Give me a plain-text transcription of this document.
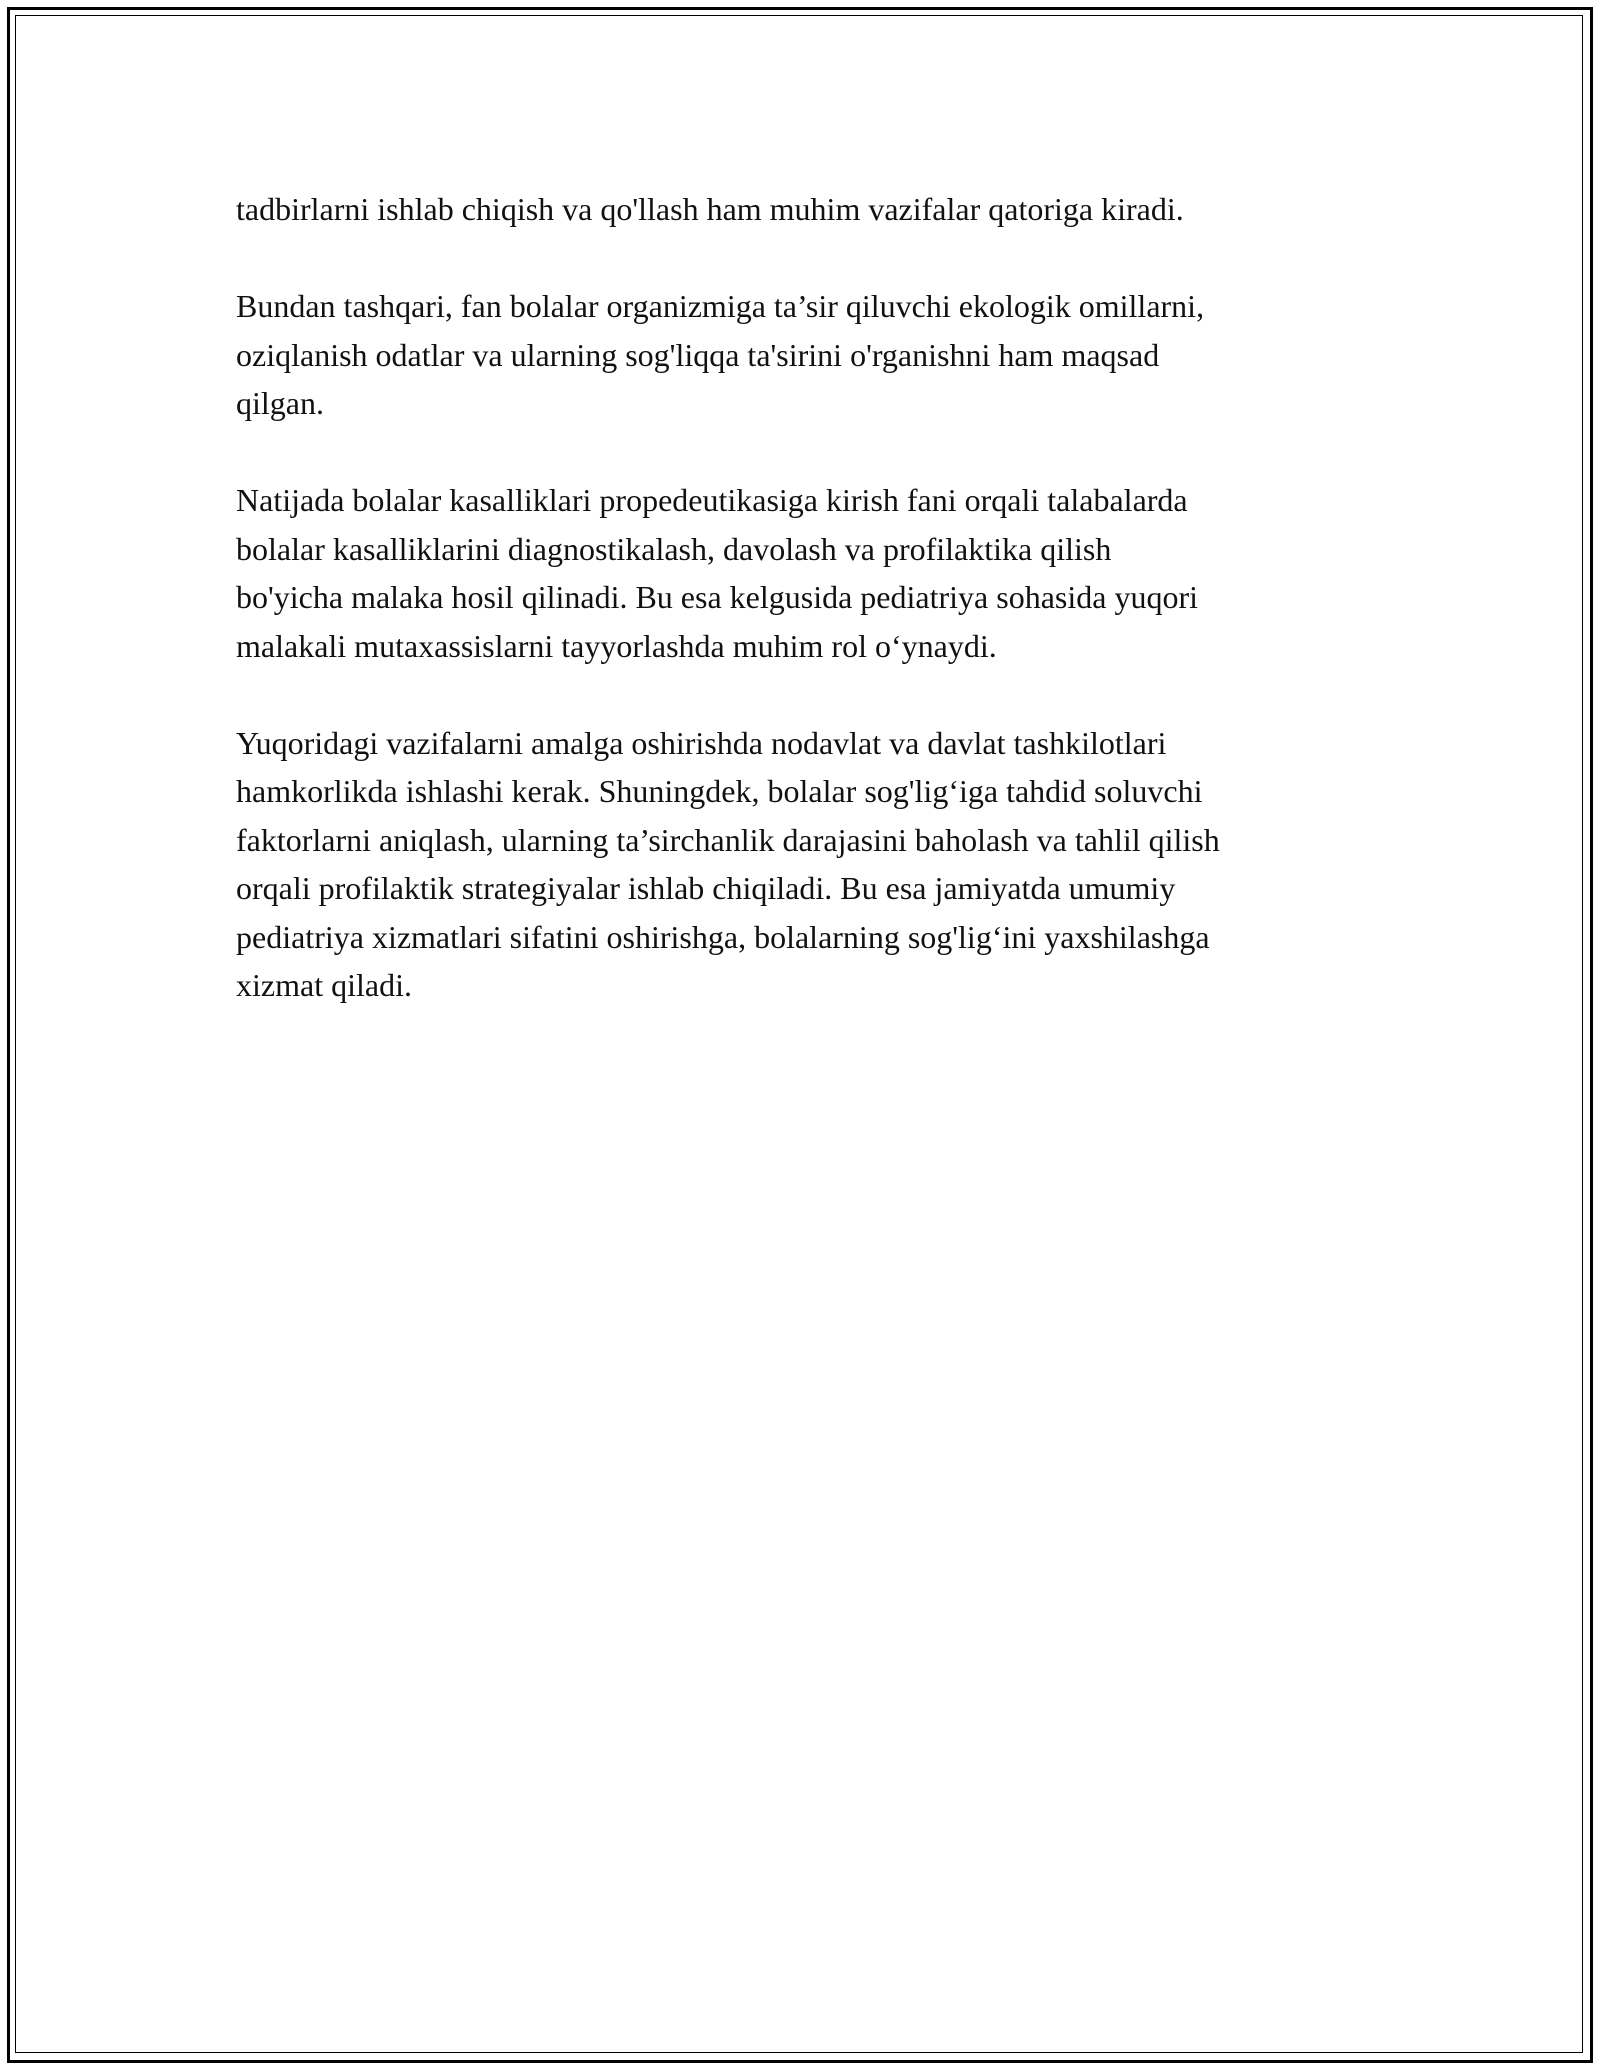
tadbirlarni ishlab chiqish va qo'llash ham muhim vazifalar qatoriga kiradi.

Bundan tashqari, fan bolalar organizmiga ta’sir qiluvchi ekologik omillarni,
oziqlanish odatlar va ularning sog'liqqa ta'sirini o'rganishni ham maqsad
qilgan.

Natijada bolalar kasalliklari propedeutikasiga kirish fani orqali talabalarda
bolalar kasalliklarini diagnostikalash, davolash va profilaktika qilish
bo'yicha malaka hosil qilinadi. Bu esa kelgusida pediatriya sohasida yuqori
malakali mutaxassislarni tayyorlashda muhim rol o‘ynaydi.

Yuqoridagi vazifalarni amalga oshirishda nodavlat va davlat tashkilotlari
hamkorlikda ishlashi kerak. Shuningdek, bolalar sog'lig‘iga tahdid soluvchi
faktorlarni aniqlash, ularning ta’sirchanlik darajasini baholash va tahlil qilish
orqali profilaktik strategiyalar ishlab chiqiladi. Bu esa jamiyatda umumiy
pediatriya xizmatlari sifatini oshirishga, bolalarning sog'lig‘ini yaxshilashga
xizmat qiladi.
